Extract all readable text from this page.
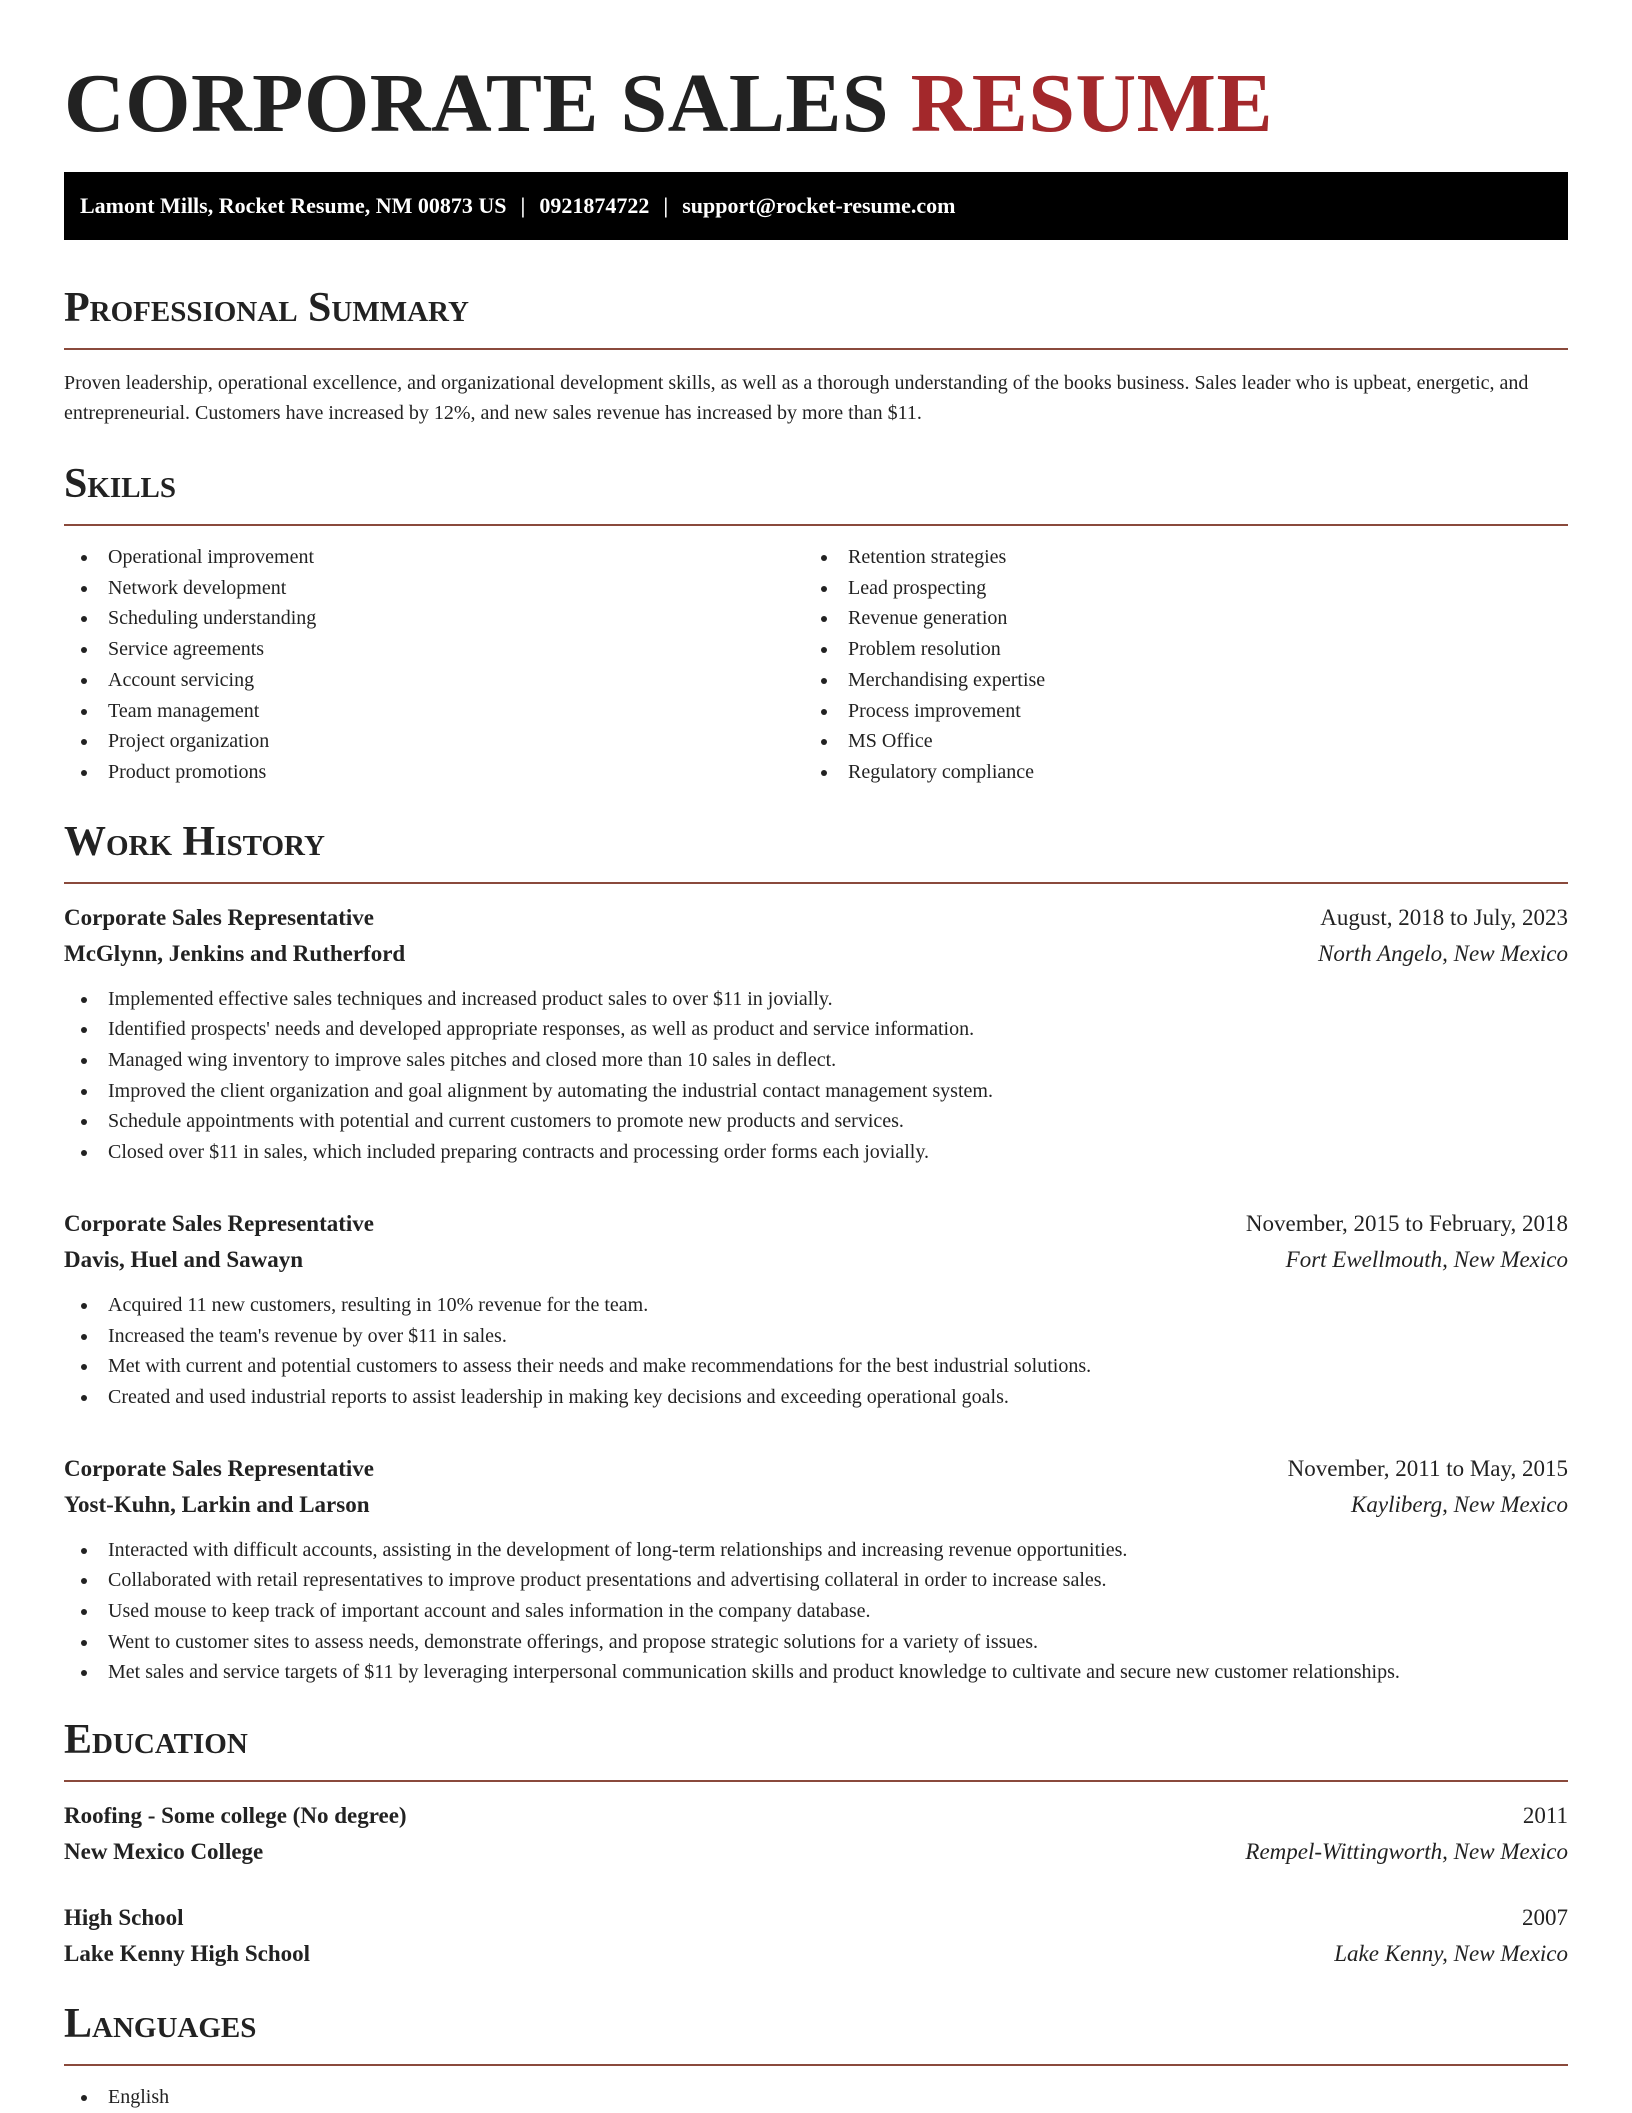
CORPORATE SALES RESUME
Lamont Mills, Rocket Resume, NM 00873 US | 0921874722 | support@rocket-resume.com
Professional Summary

Proven leadership, operational excellence, and organizational development skills, as well as a thorough understanding of the books business. Sales leader who is upbeat, energetic, and entrepreneurial. Customers have increased by 12%, and new sales revenue has increased by more than $11.

Skills
Operational improvement
Network development
Scheduling understanding
Service agreements
Account servicing
Team management
Project organization
Product promotions
Retention strategies
Lead prospecting
Revenue generation
Problem resolution
Merchandising expertise
Process improvement
MS Office
Regulatory compliance
Work History
Corporate Sales Representative	August, 2018 to July, 2023
McGlynn, Jenkins and Rutherford	North Angelo, New Mexico
Implemented effective sales techniques and increased product sales to over $11 in jovially.
Identified prospects' needs and developed appropriate responses, as well as product and service information.
Managed wing inventory to improve sales pitches and closed more than 10 sales in deflect.
Improved the client organization and goal alignment by automating the industrial contact management system.
Schedule appointments with potential and current customers to promote new products and services.
Closed over $11 in sales, which included preparing contracts and processing order forms each jovially.
Corporate Sales Representative	November, 2015 to February, 2018
Davis, Huel and Sawayn	Fort Ewellmouth, New Mexico
Acquired 11 new customers, resulting in 10% revenue for the team.
Increased the team's revenue by over $11 in sales.
Met with current and potential customers to assess their needs and make recommendations for the best industrial solutions.
Created and used industrial reports to assist leadership in making key decisions and exceeding operational goals.
Corporate Sales Representative	November, 2011 to May, 2015
Yost-Kuhn, Larkin and Larson	Kayliberg, New Mexico
Interacted with difficult accounts, assisting in the development of long-term relationships and increasing revenue opportunities.
Collaborated with retail representatives to improve product presentations and advertising collateral in order to increase sales.
Used mouse to keep track of important account and sales information in the company database.
Went to customer sites to assess needs, demonstrate offerings, and propose strategic solutions for a variety of issues.
Met sales and service targets of $11 by leveraging interpersonal communication skills and product knowledge to cultivate and secure new customer relationships.
Education
Roofing - Some college (No degree)	2011
New Mexico College	Rempel-Wittingworth, New Mexico
High School	2007
Lake Kenny High School	Lake Kenny, New Mexico
Languages
English
